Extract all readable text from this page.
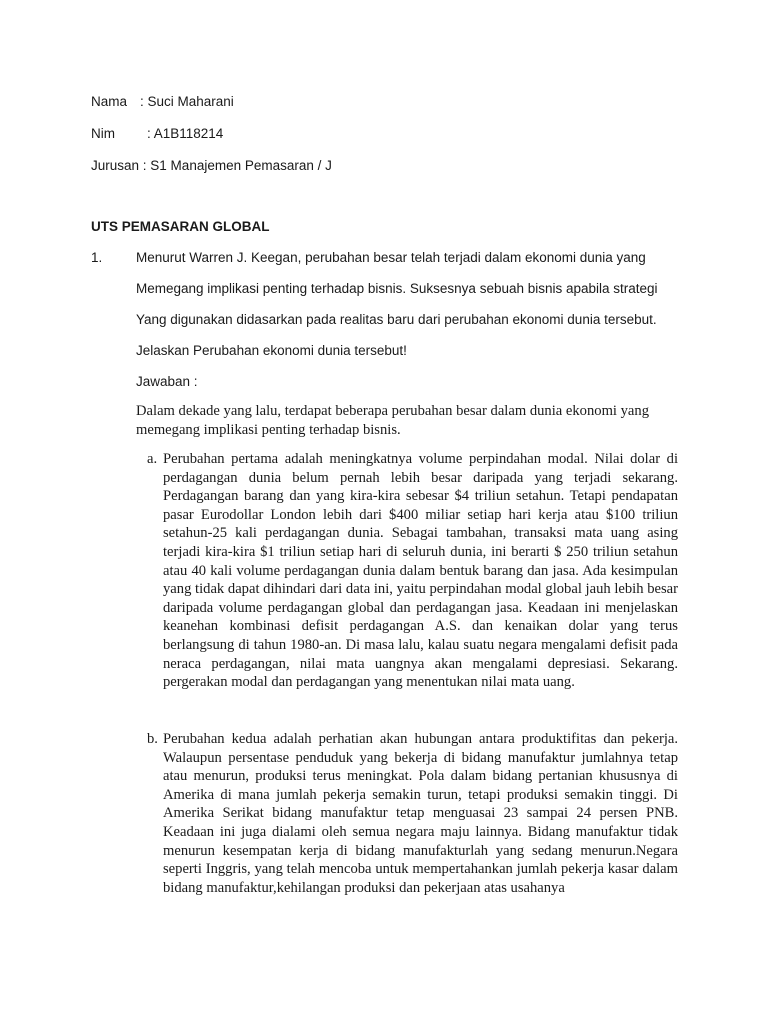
Nama : Suci Maharani
Nim : A1B118214
Jurusan : S1 Manajemen Pemasaran / J
UTS PEMASARAN GLOBAL
1. Menurut Warren J. Keegan, perubahan besar telah terjadi dalam ekonomi dunia yang
Memegang implikasi penting terhadap bisnis. Suksesnya sebuah bisnis apabila strategi
Yang digunakan didasarkan pada realitas baru dari perubahan ekonomi dunia tersebut.
Jelaskan Perubahan ekonomi dunia tersebut!
Jawaban :
Dalam dekade yang lalu, terdapat beberapa perubahan besar dalam dunia ekonomi yang memegang implikasi penting terhadap bisnis.
a. Perubahan pertama adalah meningkatnya volume perpindahan modal. Nilai dolar di perdagangan dunia belum pernah lebih besar daripada yang terjadi sekarang. Perdagangan barang dan yang kira-kira sebesar $4 triliun setahun. Tetapi pendapatan pasar Eurodollar London lebih dari $400 miliar setiap hari kerja atau $100 triliun setahun-25 kali perdagangan dunia. Sebagai tambahan, transaksi mata uang asing terjadi kira-kira $1 triliun setiap hari di seluruh dunia, ini berarti $ 250 triliun setahun atau 40 kali volume perdagangan dunia dalam bentuk barang dan jasa. Ada kesimpulan yang tidak dapat dihindari dari data ini, yaitu perpindahan modal global jauh lebih besar daripada volume perdagangan global dan perdagangan jasa. Keadaan ini menjelaskan keanehan kombinasi defisit perdagangan A.S. dan kenaikan dolar yang terus berlangsung di tahun 1980-an. Di masa lalu, kalau suatu negara mengalami defisit pada neraca perdagangan, nilai mata uangnya akan mengalami depresiasi. Sekarang. pergerakan modal dan perdagangan yang menentukan nilai mata uang.
b. Perubahan kedua adalah perhatian akan hubungan antara produktifitas dan pekerja. Walaupun persentase penduduk yang bekerja di bidang manufaktur jumlahnya tetap atau menurun, produksi terus meningkat. Pola dalam bidang pertanian khususnya di Amerika di mana jumlah pekerja semakin turun, tetapi produksi semakin tinggi. Di Amerika Serikat bidang manufaktur tetap menguasai 23 sampai 24 persen PNB. Keadaan ini juga dialami oleh semua negara maju lainnya. Bidang manufaktur tidak menurun kesempatan kerja di bidang manufakturlah yang sedang menurun.Negara seperti Inggris, yang telah mencoba untuk mempertahankan jumlah pekerja kasar dalam bidang manufaktur,kehilangan produksi dan pekerjaan atas usahanya
